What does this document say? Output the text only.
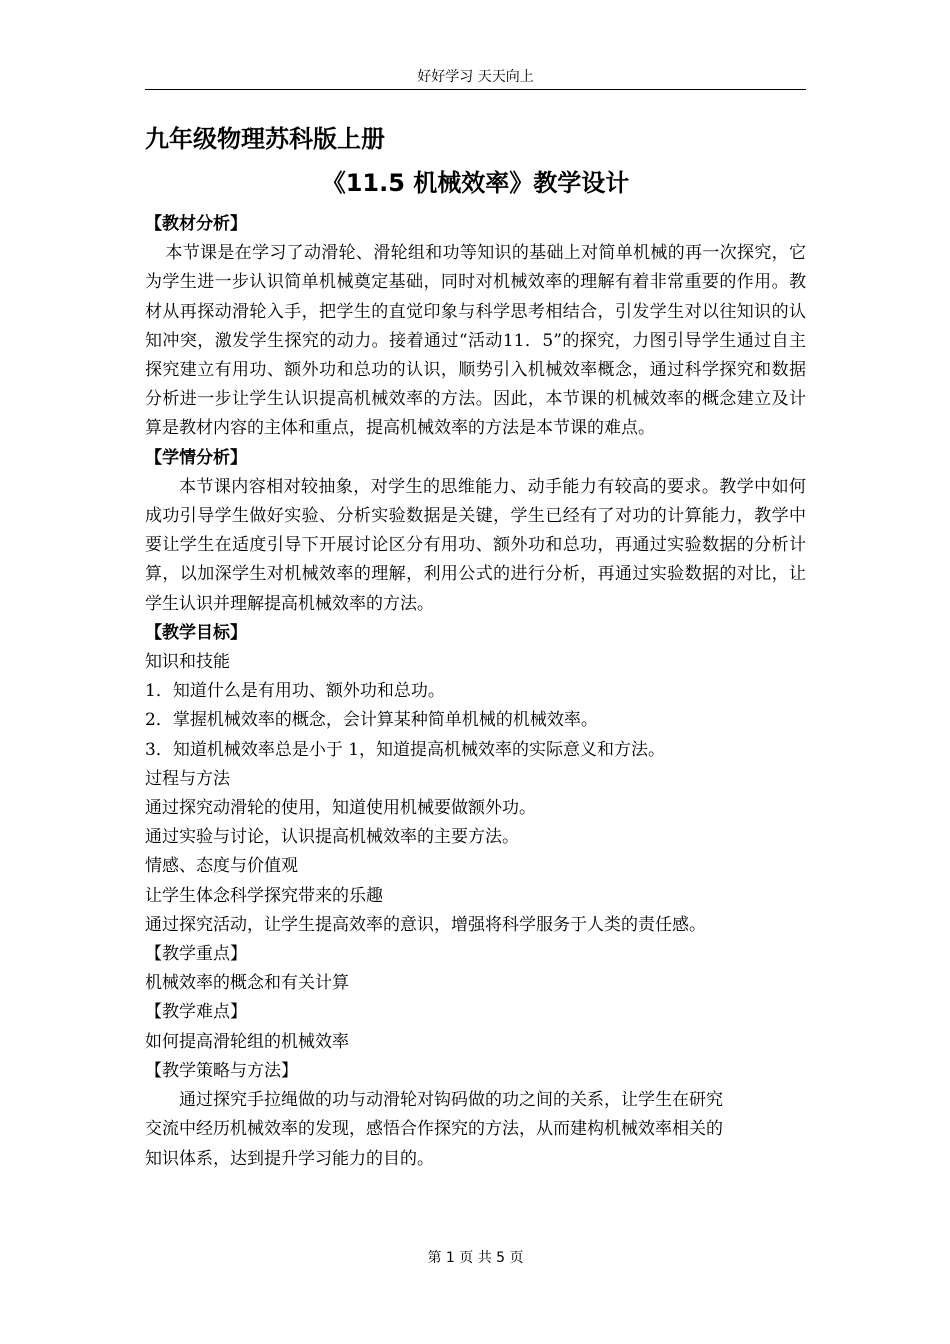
好好学习 天天向上
九年级物理苏科版上册
《11.5 机械效率》教学设计

【教材分析】

本节课是在学习了动滑轮、滑轮组和功等知识的基础上对简单机械的再一次探究，它为学生进一步认识简单机械奠定基础，同时对机械效率的理解有着非常重要的作用。教材从再探动滑轮入手，把学生的直觉印象与科学思考相结合，引发学生对以往知识的认知冲突，激发学生探究的动力。接着通过“活动11．5”的探究，力图引导学生通过自主探究建立有用功、额外功和总功的认识，顺势引入机械效率概念，通过科学探究和数据分析进一步让学生认识提高机械效率的方法。因此，本节课的机械效率的概念建立及计算是教材内容的主体和重点，提高机械效率的方法是本节课的难点。

【学情分析】

本节课内容相对较抽象，对学生的思维能力、动手能力有较高的要求。教学中如何成功引导学生做好实验、分析实验数据是关键，学生已经有了对功的计算能力，教学中要让学生在适度引导下开展讨论区分有用功、额外功和总功，再通过实验数据的分析计算，以加深学生对机械效率的理解，利用公式的进行分析，再通过实验数据的对比，让学生认识并理解提高机械效率的方法。

【教学目标】

知识和技能

1．知道什么是有用功、额外功和总功。

2．掌握机械效率的概念，会计算某种简单机械的机械效率。

3．知道机械效率总是小于 1，知道提高机械效率的实际意义和方法。

过程与方法

通过探究动滑轮的使用，知道使用机械要做额外功。

通过实验与讨论，认识提高机械效率的主要方法。

情感、态度与价值观

让学生体念科学探究带来的乐趣

通过探究活动，让学生提高效率的意识，增强将科学服务于人类的责任感。

【教学重点】

机械效率的概念和有关计算

【教学难点】

如何提高滑轮组的机械效率

【教学策略与方法】

通过探究手拉绳做的功与动滑轮对钩码做的功之间的关系，让学生在研究

交流中经历机械效率的发现，感悟合作探究的方法，从而建构机械效率相关的

知识体系，达到提升学习能力的目的。

第 1 页 共 5 页
